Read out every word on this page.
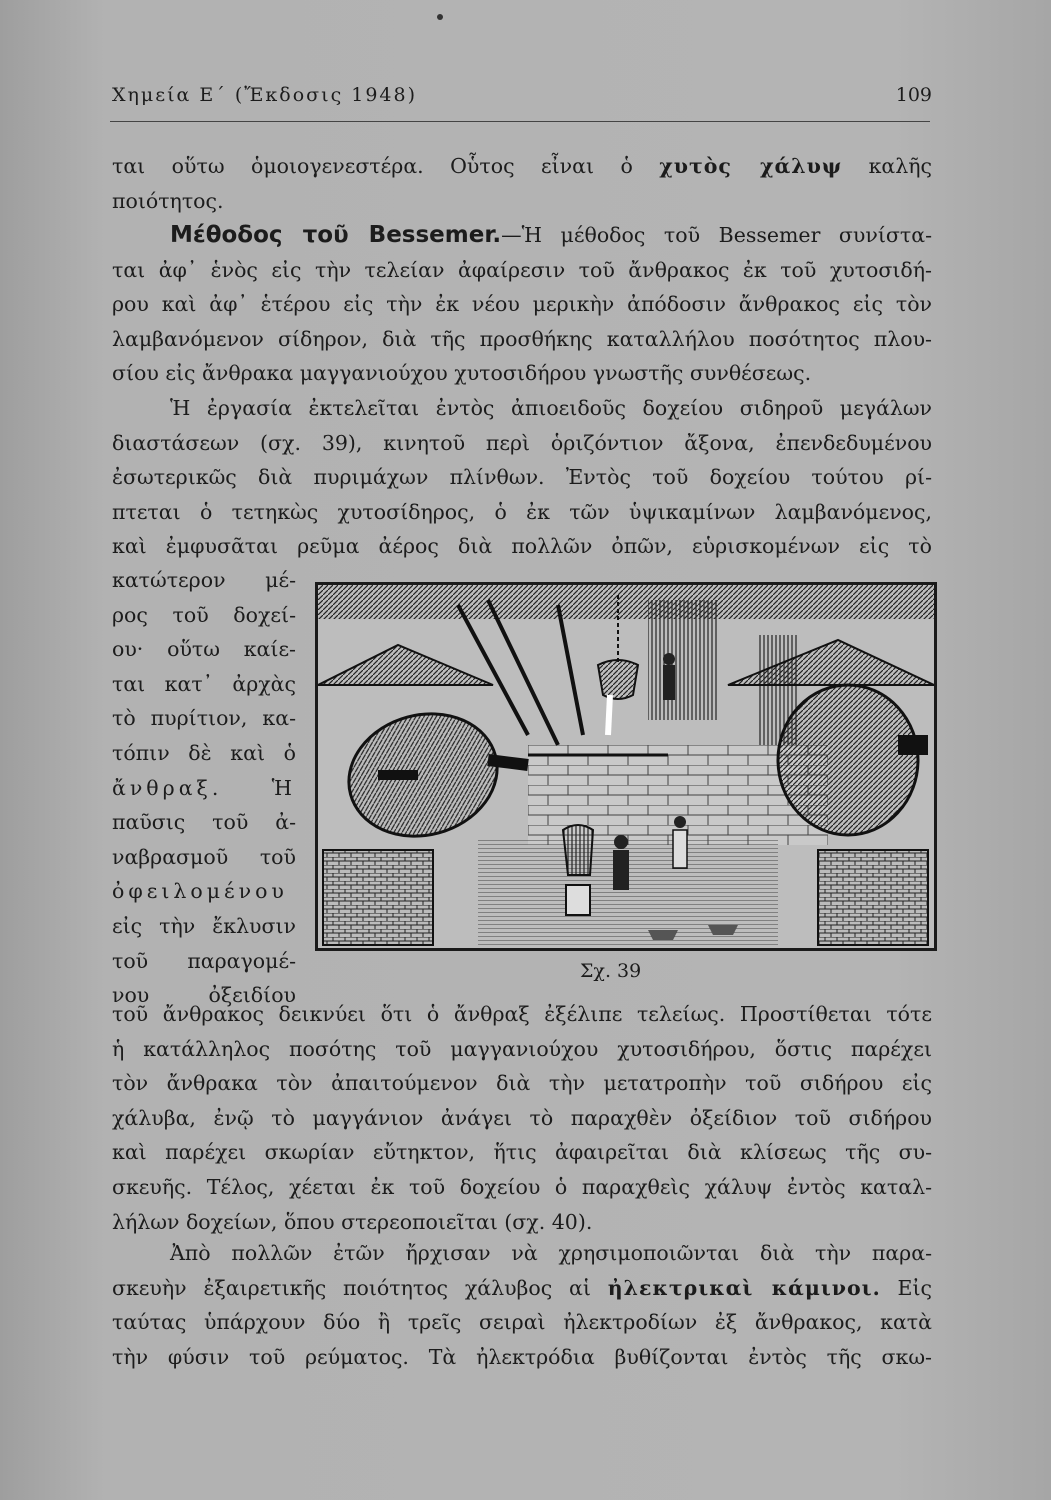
Χημεία Ε΄ (Ἔκδοσις 1948)	109
ται οὕτω ὁμοιογενεστέρα. Οὗτος εἶναι ὁ χυτὸς χάλυψ καλῆς
ποιότητος.
Μέθοδος τοῦ Bessemer.—Ἡ μέθοδος τοῦ Bessemer συνίστα-
ται ἀφ᾿ ἑνὸς εἰς τὴν τελείαν ἀφαίρεσιν τοῦ ἄνθρακος ἐκ τοῦ χυτοσιδή-
ρου καὶ ἀφ᾿ ἑτέρου εἰς τὴν ἐκ νέου μερικὴν ἀπόδοσιν ἄνθρακος εἰς τὸν
λαμβανόμενον σίδηρον, διὰ τῆς προσθήκης καταλλήλου ποσότητος πλου-
σίου εἰς ἄνθρακα μαγγανιούχου χυτοσιδήρου γνωστῆς συνθέσεως.
Ἡ ἐργασία ἐκτελεῖται ἐντὸς ἀπιοειδοῦς δοχείου σιδηροῦ μεγάλων
διαστάσεων (σχ. 39), κινητοῦ περὶ ὁριζόντιον ἄξονα, ἐπενδεδυμένου
ἐσωτερικῶς διὰ πυριμάχων πλίνθων. Ἐντὸς τοῦ δοχείου τούτου ρί-
πτεται ὁ τετηκὼς χυτοσίδηρος, ὁ ἐκ τῶν ὑψικαμίνων λαμβανόμενος,
καὶ ἐμφυσᾶται ρεῦμα ἀέρος διὰ πολλῶν ὀπῶν, εὑρισκομένων εἰς τὸ
κατώτερον μέ-
ρος τοῦ δοχεί-
ου· οὕτω καίε-
ται κατ᾿ ἀρχὰς
τὸ πυρίτιον, κα-
τόπιν δὲ καὶ ὁ
ἄνθραξ. Ἡ
παῦσις τοῦ ἀ-
ναβρασμοῦ τοῦ
ὀφειλομένου
εἰς τὴν ἔκλυσιν
τοῦ παραγομέ-
νου ὀξειδίου
Σχ. 39
τοῦ ἄνθρακος δεικνύει ὅτι ὁ ἄνθραξ ἐξέλιπε τελείως. Προστίθεται τότε
ἡ κατάλληλος ποσότης τοῦ μαγγανιούχου χυτοσιδήρου, ὅστις παρέχει
τὸν ἄνθρακα τὸν ἀπαιτούμενον διὰ τὴν μετατροπὴν τοῦ σιδήρου εἰς
χάλυβα, ἐνῷ τὸ μαγγάνιον ἀνάγει τὸ παραχθὲν ὀξείδιον τοῦ σιδήρου
καὶ παρέχει σκωρίαν εὔτηκτον, ἥτις ἀφαιρεῖται διὰ κλίσεως τῆς συ-
σκευῆς. Τέλος, χέεται ἐκ τοῦ δοχείου ὁ παραχθεὶς χάλυψ ἐντὸς καταλ-
λήλων δοχείων, ὅπου στερεοποιεῖται (σχ. 40).
Ἀπὸ πολλῶν ἐτῶν ἤρχισαν νὰ χρησιμοποιῶνται διὰ τὴν παρα-
σκευὴν ἐξαιρετικῆς ποιότητος χάλυβος αἱ ἠλεκτρικαὶ κάμινοι. Εἰς
ταύτας ὑπάρχουν δύο ἢ τρεῖς σειραὶ ἠλεκτροδίων ἐξ ἄνθρακος, κατὰ
τὴν φύσιν τοῦ ρεύματος. Τὰ ἠλεκτρόδια βυθίζονται ἐντὸς τῆς σκω-
